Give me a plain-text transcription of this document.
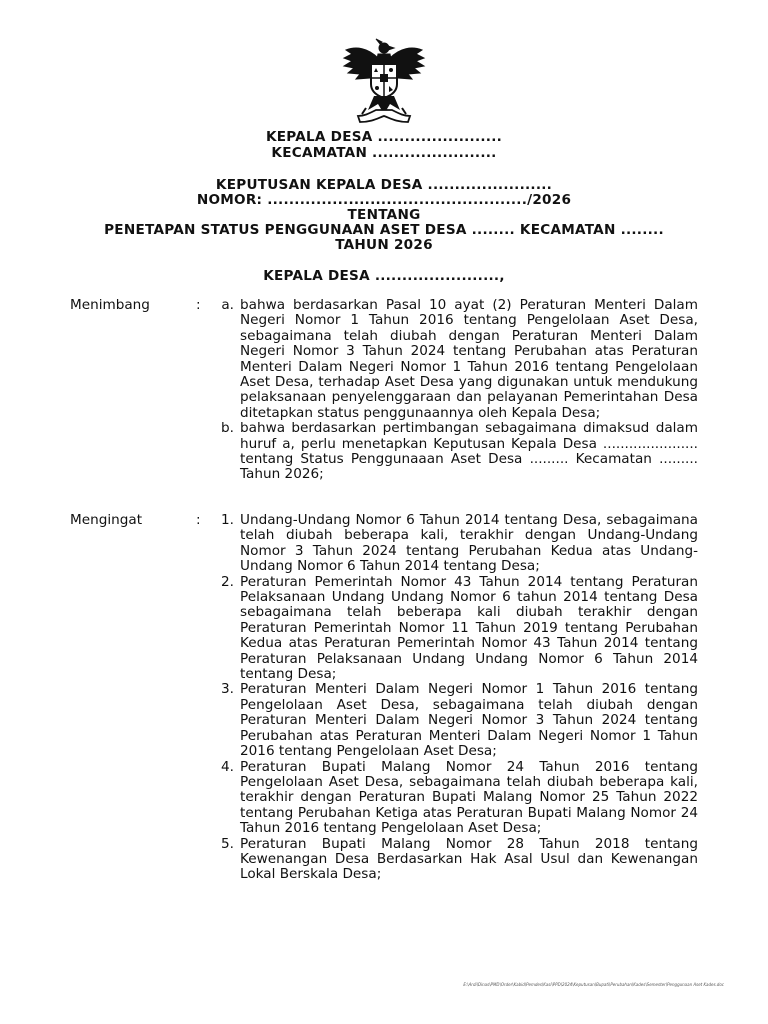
KEPALA DESA .......................
KECAMATAN .......................
KEPUTUSAN KEPALA DESA .......................
NOMOR: ................................................/2026
TENTANG
PENETAPAN STATUS PENGGUNAAN ASET DESA ........ KECAMATAN ........
TAHUN 2026
KEPALA DESA .......................,
Menimbang	:	a. bahwa berdasarkan Pasal 10 ayat (2) Peraturan Menteri Dalam Negeri Nomor 1 Tahun 2016 tentang Pengelolaan Aset Desa, sebagaimana telah diubah dengan Peraturan Menteri Dalam Negeri Nomor 3 Tahun 2024 tentang Perubahan atas Peraturan Menteri Dalam Negeri Nomor 1 Tahun 2016 tentang Pengelolaan Aset Desa, terhadap Aset Desa yang digunakan untuk mendukung pelaksanaan penyelenggaraan dan pelayanan Pemerintahan Desa ditetapkan status penggunaannya oleh Kepala Desa;
b. bahwa berdasarkan pertimbangan sebagaimana dimaksud dalam huruf a, perlu menetapkan Keputusan Kepala Desa ...................... tentang Status Penggunaaan Aset Desa ......... Kecamatan ......... Tahun 2026;
Mengingat	:	1. Undang-Undang Nomor 6 Tahun 2014 tentang Desa, sebagaimana telah diubah beberapa kali, terakhir dengan Undang-Undang Nomor 3 Tahun 2024 tentang Perubahan Kedua atas Undang-Undang Nomor 6 Tahun 2014 tentang Desa;
2. Peraturan Pemerintah Nomor 43 Tahun 2014 tentang Peraturan Pelaksanaan Undang Undang Nomor 6 tahun 2014 tentang Desa sebagaimana telah beberapa kali diubah terakhir dengan Peraturan Pemerintah Nomor 11 Tahun 2019 tentang Perubahan Kedua atas Peraturan Pemerintah Nomor 43 Tahun 2014 tentang Peraturan Pelaksanaan Undang Undang Nomor 6 Tahun 2014 tentang Desa;
3. Peraturan Menteri Dalam Negeri Nomor 1 Tahun 2016 tentang Pengelolaan Aset Desa, sebagaimana telah diubah dengan Peraturan Menteri Dalam Negeri Nomor 3 Tahun 2024 tentang Perubahan atas Peraturan Menteri Dalam Negeri Nomor 1 Tahun 2016 tentang Pengelolaan Aset Desa;
4. Peraturan Bupati Malang Nomor 24 Tahun 2016 tentang Pengelolaan Aset Desa, sebagaimana telah diubah beberapa kali, terakhir dengan Peraturan Bupati Malang Nomor 25 Tahun 2022 tentang Perubahan Ketiga atas Peraturan Bupati Malang Nomor 24 Tahun 2016 tentang Pengelolaan Aset Desa;
5. Peraturan Bupati Malang Nomor 28 Tahun 2018 tentang Kewenangan Desa Berdasarkan Hak Asal Usul dan Kewenangan Lokal Berskala Desa;
E:\Ardi\Dinas\PMD\Order\Kabid\Pemdes\Kasi\PPD\2024\Keputusan\Bupati\Perubahan\Kades\Semester\Penggunaan Aset Kades.doc
